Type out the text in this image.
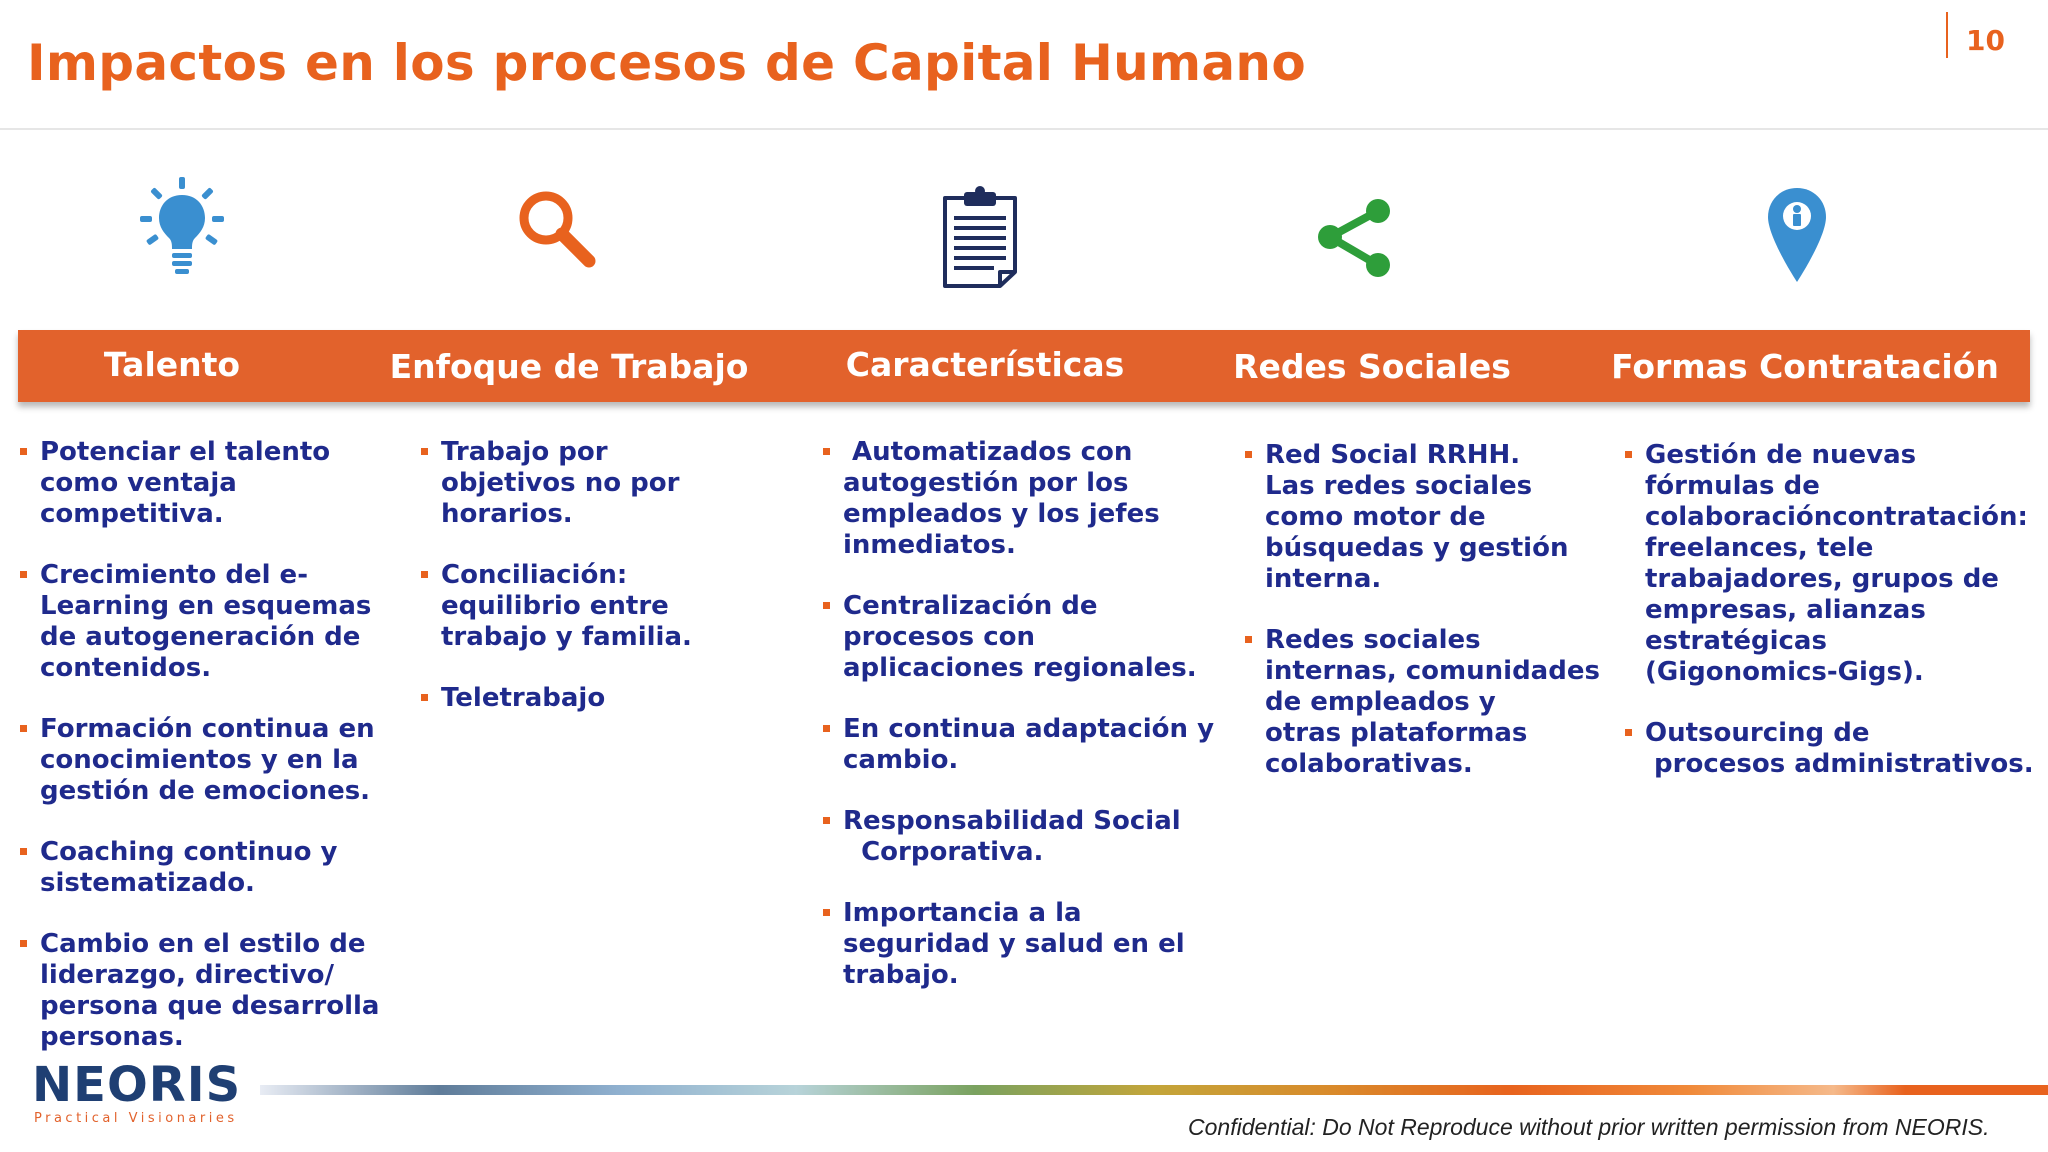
Impactos en los procesos de Capital Humano	10
Talento	Enfoque de Trabajo	Características	Redes Sociales	Formas Contratación
Potenciar el talento
como ventaja
competitiva.
Crecimiento del e-
Learning en esquemas
de autogeneración de
contenidos.
Formación continua en
conocimientos y en la
gestión de emociones.
Coaching continuo y
sistematizado.
Cambio en el estilo de
liderazgo, directivo/
persona que desarrolla
personas.
Trabajo por
objetivos no por
horarios.
Conciliación:
equilibrio entre
trabajo y familia.
Teletrabajo
Automatizados con
autogestión por los
empleados y los jefes
inmediatos.
Centralización de
procesos con
aplicaciones regionales.
En continua adaptación y
cambio.
Responsabilidad Social
Corporativa.
Importancia a la
seguridad y salud en el
trabajo.
Red Social RRHH.
Las redes sociales
como motor de
búsquedas y gestión
interna.
Redes sociales
internas, comunidades
de empleados y
otras plataformas
colaborativas.
Gestión de nuevas
fórmulas de
colaboracióncontratación:
freelances, tele
trabajadores, grupos de
empresas, alianzas
estratégicas
(Gigonomics-Gigs).
Outsourcing de
procesos administrativos.
NEORIS
Practical Visionaries	Confidential: Do Not Reproduce without prior written permission from NEORIS.
